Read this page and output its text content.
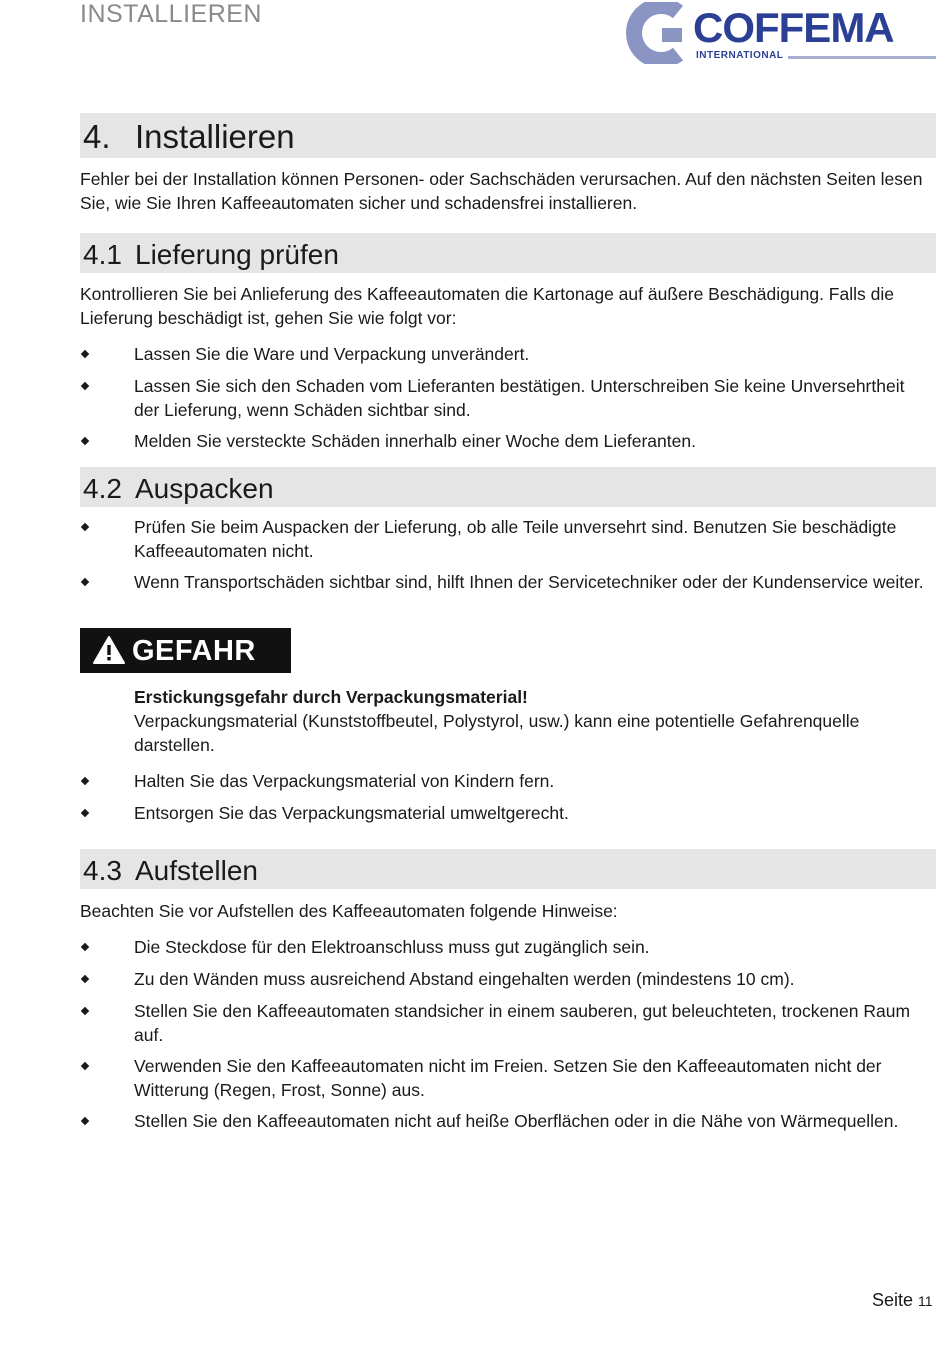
INSTALLIEREN	COFFEMA
INTERNATIONAL
4. Installieren
Fehler bei der Installation können Personen- oder Sachschäden verursachen. Auf den nächsten Seiten lesen Sie, wie Sie Ihren Kaffeeautomaten sicher und schadensfrei installieren.
4.1 Lieferung prüfen
Kontrollieren Sie bei Anlieferung des Kaffeeautomaten die Kartonage auf äußere Beschädigung. Falls die Lieferung beschädigt ist, gehen Sie wie folgt vor:
Lassen Sie die Ware und Verpackung unverändert.
Lassen Sie sich den Schaden vom Lieferanten bestätigen. Unterschreiben Sie keine Unversehrtheit der Lieferung, wenn Schäden sichtbar sind.
Melden Sie versteckte Schäden innerhalb einer Woche dem Lieferanten.
4.2 Auspacken
Prüfen Sie beim Auspacken der Lieferung, ob alle Teile unversehrt sind. Benutzen Sie beschädigte Kaffeeautomaten nicht.
Wenn Transportschäden sichtbar sind, hilft Ihnen der Servicetechniker oder der Kundenservice weiter.
GEFAHR
Erstickungsgefahr durch Verpackungsmaterial!
Verpackungsmaterial (Kunststoffbeutel, Polystyrol, usw.) kann eine potentielle Gefahrenquelle darstellen.
Halten Sie das Verpackungsmaterial von Kindern fern.
Entsorgen Sie das Verpackungsmaterial umweltgerecht.
4.3 Aufstellen
Beachten Sie vor Aufstellen des Kaffeeautomaten folgende Hinweise:
Die Steckdose für den Elektroanschluss muss gut zugänglich sein.
Zu den Wänden muss ausreichend Abstand eingehalten werden (mindestens 10 cm).
Stellen Sie den Kaffeeautomaten standsicher in einem sauberen, gut beleuchteten, trockenen Raum auf.
Verwenden Sie den Kaffeeautomaten nicht im Freien. Setzen Sie den Kaffeeautomaten nicht der Witterung (Regen, Frost, Sonne) aus.
Stellen Sie den Kaffeeautomaten nicht auf heiße Oberflächen oder in die Nähe von Wärmequellen.
Seite 11
